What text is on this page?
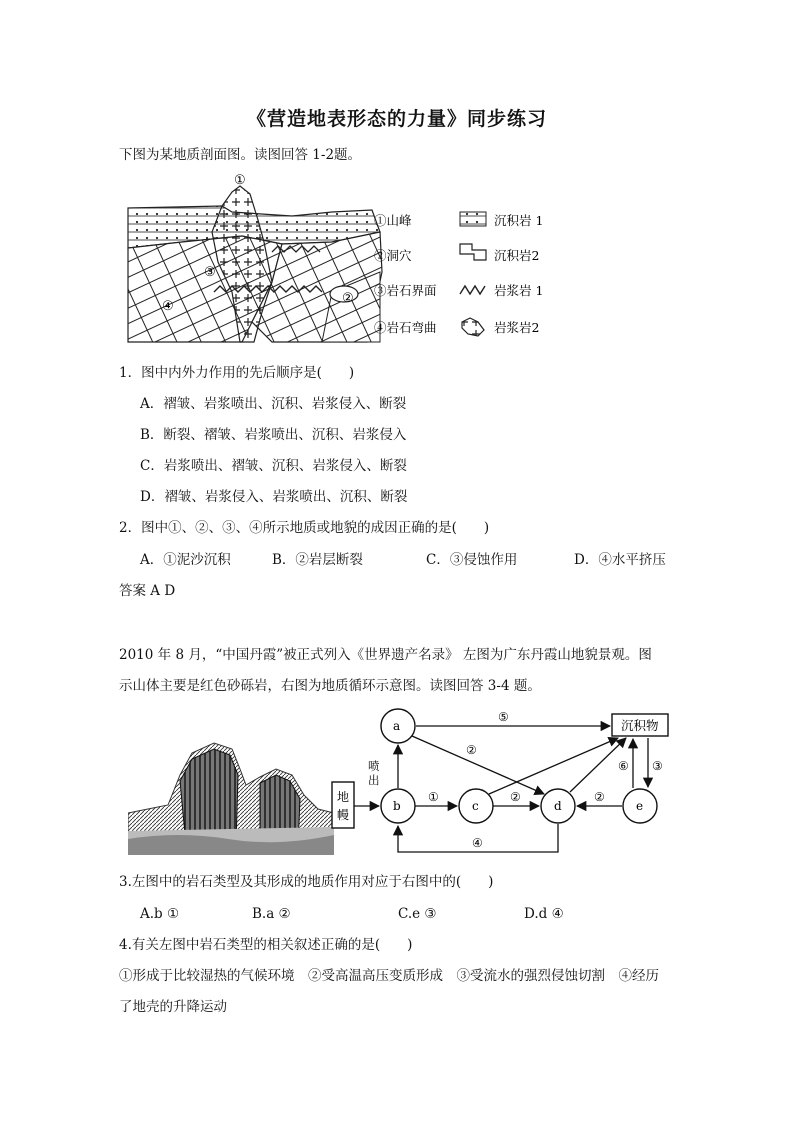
《营造地表形态的力量》同步练习
下图为某地质剖面图。读图回答 1-2题。
①
③
④
②
①山峰
②洞穴
③岩石界面
④岩石弯曲
沉积岩 1
沉积岩2
岩浆岩 1
岩浆岩2
1．图中内外力作用的先后顺序是(　　)
A．褶皱、岩浆喷出、沉积、岩浆侵入、断裂
B．断裂、褶皱、岩浆喷出、沉积、岩浆侵入
C．岩浆喷出、褶皱、沉积、岩浆侵入、断裂
D．褶皱、岩浆侵入、岩浆喷出、沉积、断裂
2．图中①、②、③、④所示地质或地貌的成因正确的是(　　)
A．①泥沙沉积	B．②岩层断裂	C．③侵蚀作用	D．④水平挤压
答案 A D
2010 年 8 月，“中国丹霞”被正式列入《世界遗产名录》 左图为广东丹霞山地貌景观。图
示山体主要是红色砂砾岩，右图为地质循环示意图。读图回答 3-4 题。
地
幔
沉积物
a
b	c	d	e
喷
出
⑤
②
①	②	②
⑥ ③
④
3.左图中的岩石类型及其形成的地质作用对应于右图中的(　　)
A.b ①	B.a ②	C.e ③	D.d ④
4.有关左图中岩石类型的相关叙述正确的是(　　)
①形成于比较湿热的气候环境　②受高温高压变质形成　③受流水的强烈侵蚀切割　④经历
了地壳的升降运动
